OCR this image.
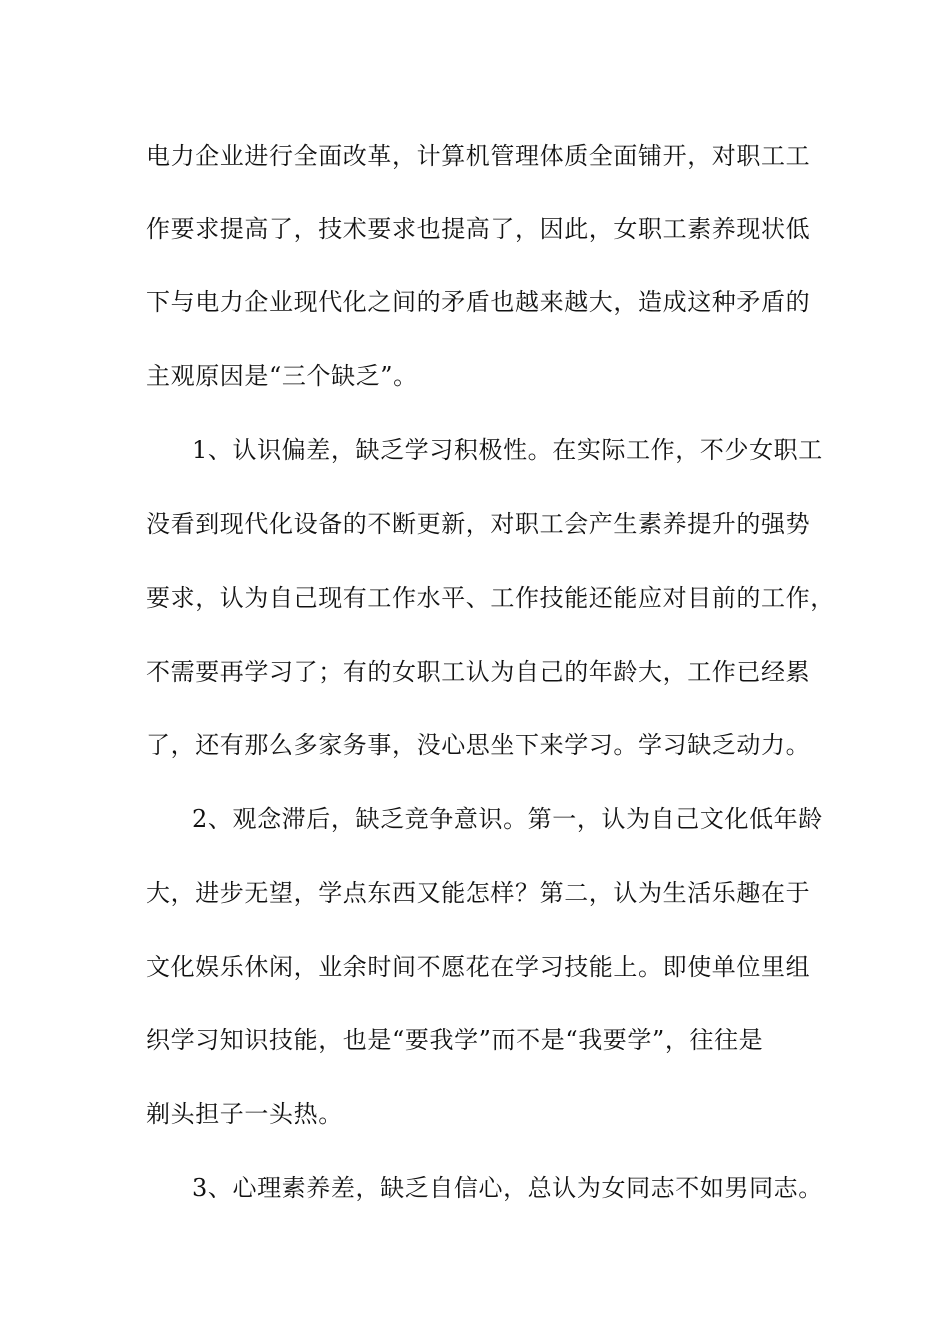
电力企业进行全面改革，计算机管理体质全面铺开，对职工工
作要求提高了，技术要求也提高了，因此，女职工素养现状低
下与电力企业现代化之间的矛盾也越来越大，造成这种矛盾的
主观原因是“三个缺乏”。
1、认识偏差，缺乏学习积极性。在实际工作，不少女职工
没看到现代化设备的不断更新，对职工会产生素养提升的强势
要求，认为自己现有工作水平、工作技能还能应对目前的工作，
不需要再学习了；有的女职工认为自己的年龄大，工作已经累
了，还有那么多家务事，没心思坐下来学习。学习缺乏动力。
2、观念滞后，缺乏竞争意识。第一，认为自己文化低年龄
大，进步无望，学点东西又能怎样？第二，认为生活乐趣在于
文化娱乐休闲，业余时间不愿花在学习技能上。即使单位里组
织学习知识技能，也是“要我学”而不是“我要学”，往往是
剃头担子一头热。
3、心理素养差，缺乏自信心，总认为女同志不如男同志。
